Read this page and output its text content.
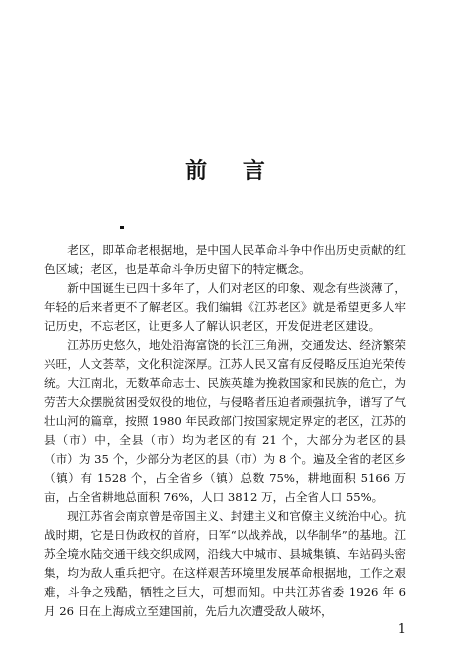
前 言

老区，即革命老根据地，是中国人民革命斗争中作出历史贡献的红色区域；老区，也是革命斗争历史留下的特定概念。

新中国诞生已四十多年了，人们对老区的印象、观念有些淡薄了，年轻的后来者更不了解老区。我们编辑《江苏老区》就是希望更多人牢记历史，不忘老区，让更多人了解认识老区，开发促进老区建设。

江苏历史悠久，地处沿海富饶的长江三角洲，交通发达、经济繁荣兴旺，人文荟萃，文化积淀深厚。江苏人民又富有反侵略反压迫光荣传统。大江南北，无数革命志士、民族英雄为挽救国家和民族的危亡，为劳苦大众摆脱贫困受奴役的地位，与侵略者压迫者顽强抗争，谱写了气壮山河的篇章，按照 1980 年民政部门按国家规定界定的老区，江苏的县（市）中，全县（市）均为老区的有 21 个，大部分为老区的县（市）为 35 个，少部分为老区的县（市）为 8 个。遍及全省的老区乡（镇）有 1528 个，占全省乡（镇）总数 75%，耕地面积 5166 万亩，占全省耕地总面积 76%，人口 3812 万，占全省人口 55%。

现江苏省会南京曾是帝国主义、封建主义和官僚主义统治中心。抗战时期，它是日伪政权的首府，日军“以战养战，以华制华”的基地。江苏全境水陆交通干线交织成网，沿线大中城市、县城集镇、车站码头密集，均为敌人重兵把守。在这样艰苦环境里发展革命根据地，工作之艰难，斗争之残酷，牺牲之巨大，可想而知。中共江苏省委 1926 年 6 月 26 日在上海成立至建国前，先后九次遭受敌人破坏，

1
